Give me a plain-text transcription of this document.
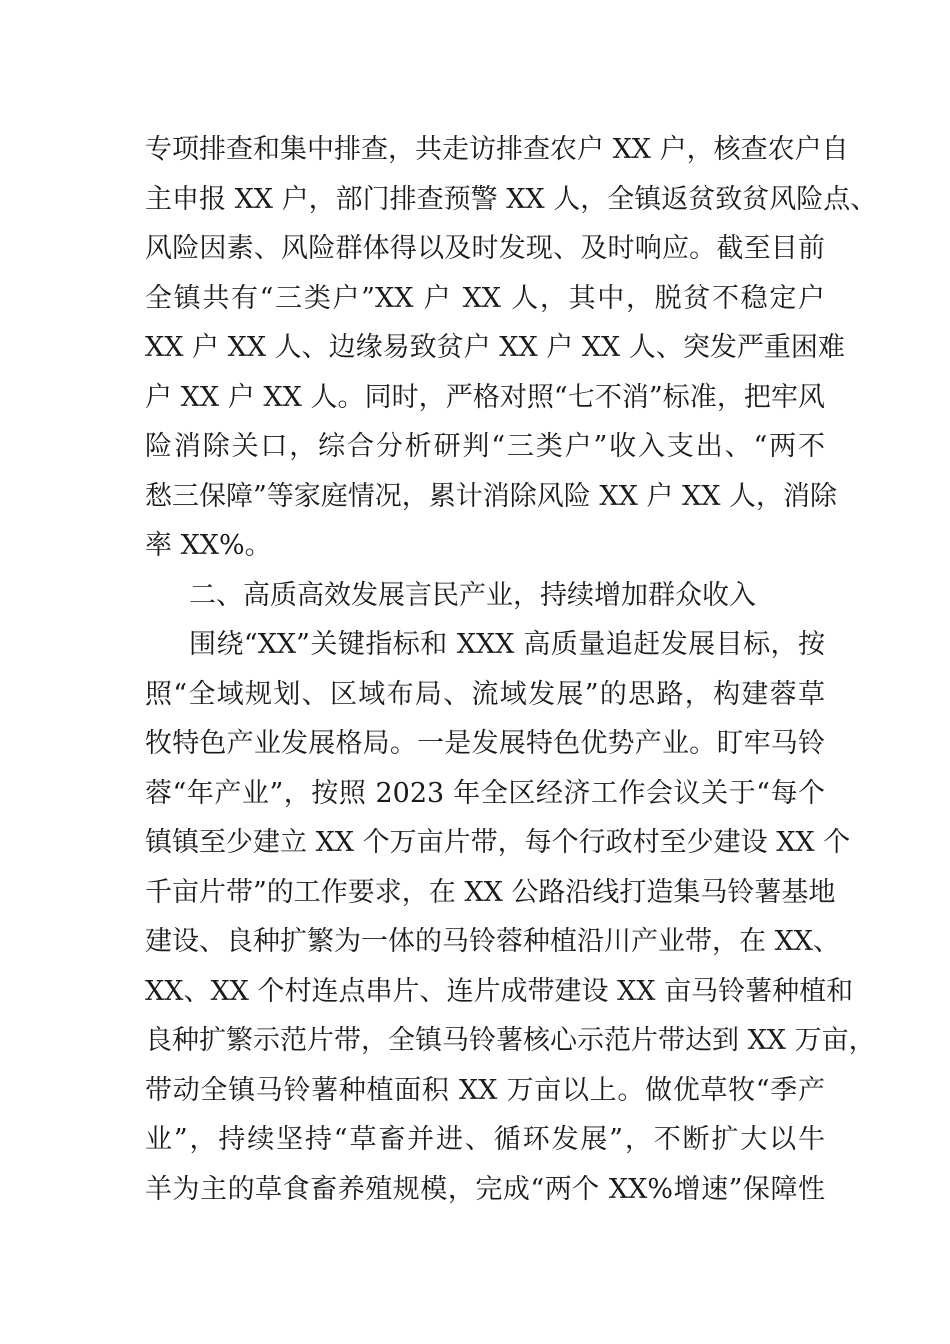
专项排查和集中排查，共走访排查农户 XX 户，核查农户自
主申报 XX 户，部门排查预警 XX 人，全镇返贫致贫风险点、
风险因素、风险群体得以及时发现、及时响应。截至目前
全镇共有“三类户”XX 户 XX 人，其中，脱贫不稳定户
XX 户 XX 人、边缘易致贫户 XX 户 XX 人、突发严重困难
户 XX 户 XX 人。同时，严格对照“七不消”标准，把牢风
险消除关口，综合分析研判“三类户”收入支出、“两不
愁三保障”等家庭情况，累计消除风险 XX 户 XX 人，消除
率 XX%。
二、高质高效发展言民产业，持续增加群众收入
围绕“XX”关键指标和 XXX 高质量追赶发展目标，按
照“全域规划、区域布局、流域发展”的思路，构建蓉草
牧特色产业发展格局。一是发展特色优势产业。盯牢马铃
蓉“年产业”，按照 2023 年全区经济工作会议关于“每个
镇镇至少建立 XX 个万亩片带，每个行政村至少建设 XX 个
千亩片带”的工作要求，在 XX 公路沿线打造集马铃薯基地
建设、良种扩繁为一体的马铃蓉种植沿川产业带，在 XX、
XX、XX 个村连点串片、连片成带建设 XX 亩马铃薯种植和
良种扩繁示范片带，全镇马铃薯核心示范片带达到 XX 万亩，
带动全镇马铃薯种植面积 XX 万亩以上。做优草牧“季产
业”，持续坚持“草畜并进、循环发展”，不断扩大以牛
羊为主的草食畜养殖规模，完成“两个 XX%增速”保障性
